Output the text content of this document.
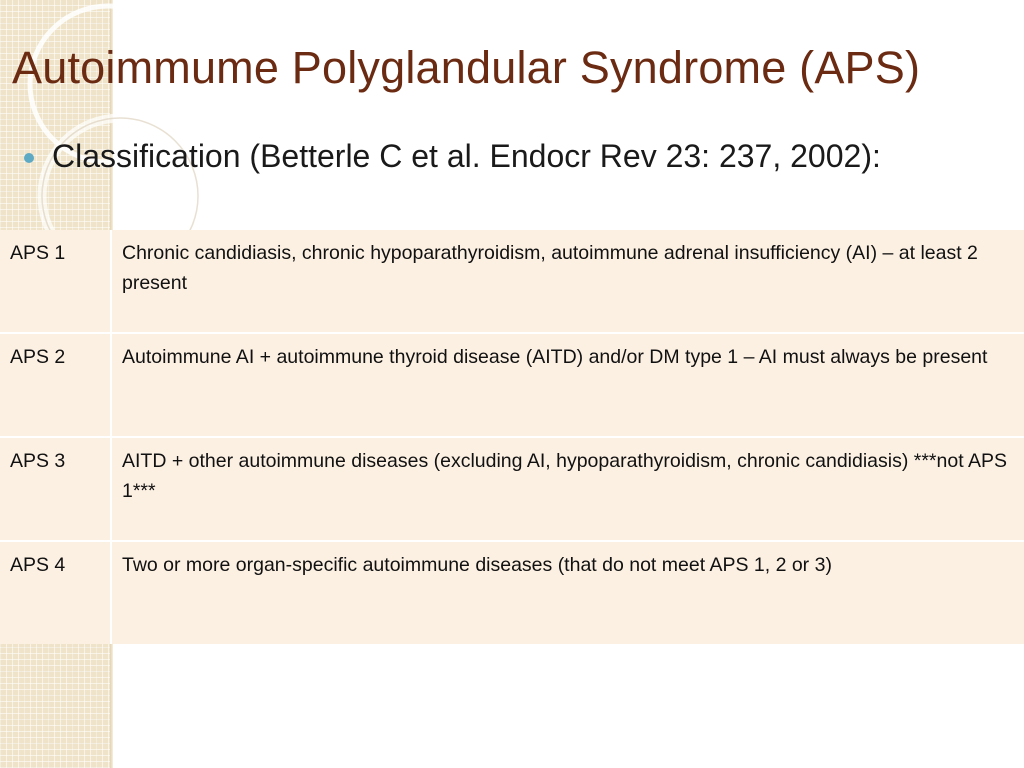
Autoimmume Polyglandular Syndrome (APS)
Classification (Betterle C et al. Endocr Rev 23: 237, 2002):
APS 1	Chronic candidiasis, chronic hypoparathyroidism, autoimmune adrenal insufficiency (AI) – at least 2 present
APS 2	Autoimmune AI + autoimmune thyroid disease (AITD) and/or DM type 1 – AI must always be present
APS 3	AITD + other autoimmune diseases (excluding AI, hypoparathyroidism, chronic candidiasis) ***not APS 1***
APS 4	Two or more organ-specific autoimmune diseases (that do not meet APS 1, 2 or 3)
